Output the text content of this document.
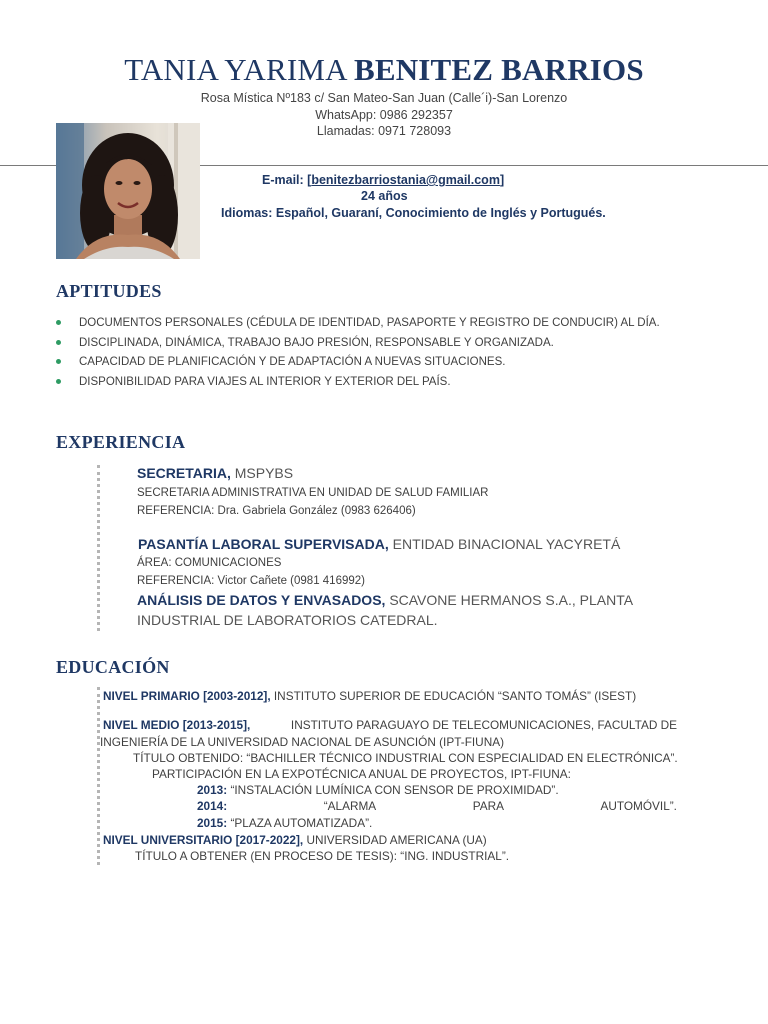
TANIA YARIMA BENITEZ BARRIOS
Rosa Mística Nº183 c/ San Mateo-San Juan (Calle´i)-San Lorenzo
WhatsApp: 0986 292357
Llamadas: 0971 728093
E-mail: [benitezbarriostania@gmail.com]
24 años
Idiomas: Español, Guaraní, Conocimiento de Inglés y Portugués.
APTITUDES
DOCUMENTOS PERSONALES (CÉDULA DE IDENTIDAD, PASAPORTE Y REGISTRO DE CONDUCIR) AL DÍA.
DISCIPLINADA, DINÁMICA, TRABAJO BAJO PRESIÓN, RESPONSABLE Y ORGANIZADA.
CAPACIDAD DE PLANIFICACIÓN Y DE ADAPTACIÓN A NUEVAS SITUACIONES.
DISPONIBILIDAD PARA VIAJES AL INTERIOR Y EXTERIOR DEL PAÍS.
EXPERIENCIA
SECRETARIA, MSPYBS
SECRETARIA ADMINISTRATIVA EN UNIDAD DE SALUD FAMILIAR
REFERENCIA: Dra. Gabriela González (0983 626406)
PASANTÍA LABORAL SUPERVISADA, ENTIDAD BINACIONAL YACYRETÁ
ÁREA: COMUNICACIONES
REFERENCIA: Victor Cañete (0981 416992)
ANÁLISIS DE DATOS Y ENVASADOS, SCAVONE HERMANOS S.A., PLANTA
INDUSTRIAL DE LABORATORIOS CATEDRAL.
EDUCACIÓN
NIVEL PRIMARIO [2003-2012], INSTITUTO SUPERIOR DE EDUCACIÓN “SANTO TOMÁS” (ISEST)
NIVEL MEDIO [2013-2015],	INSTITUTO PARAGUAYO DE TELECOMUNICACIONES, FACULTAD DE
INGENIERÍA DE LA UNIVERSIDAD NACIONAL DE ASUNCIÓN (IPT-FIUNA)
TÍTULO OBTENIDO: “BACHILLER TÉCNICO INDUSTRIAL CON ESPECIALIDAD EN ELECTRÓNICA”.
PARTICIPACIÓN EN LA EXPOTÉCNICA ANUAL DE PROYECTOS, IPT-FIUNA:
2013: “INSTALACIÓN LUMÍNICA CON SENSOR DE PROXIMIDAD”.
2014:	“ALARMA	PARA	AUTOMÓVIL”.
2015: “PLAZA AUTOMATIZADA”.
NIVEL UNIVERSITARIO [2017-2022], UNIVERSIDAD AMERICANA (UA)
TÍTULO A OBTENER (EN PROCESO DE TESIS): “ING. INDUSTRIAL”.
